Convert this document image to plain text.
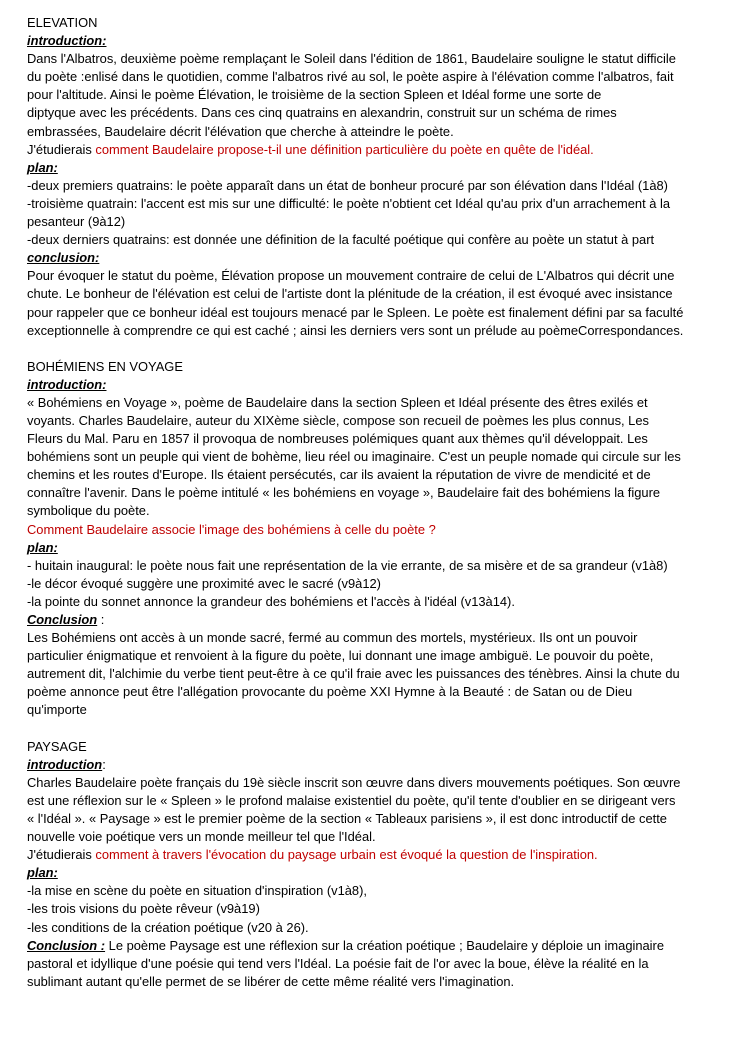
ELEVATION
introduction:
Dans l'Albatros, deuxième poème remplaçant le Soleil dans l'édition de 1861, Baudelaire souligne le statut difficile
du poète :enlisé dans le quotidien, comme l'albatros rivé au sol, le poète aspire à l'élévation comme l'albatros, fait
pour l'altitude. Ainsi le poème Élévation, le troisième de la section Spleen et Idéal forme une sorte de
diptyque avec les précédents. Dans ces cinq quatrains en alexandrin, construit sur un schéma de rimes
embrassées, Baudelaire décrit l'élévation que cherche à atteindre le poète.
J'étudierais comment Baudelaire propose-t-il une définition particulière du poète en quête de l'idéal.
plan:
-deux premiers quatrains: le poète apparaît dans un état de bonheur procuré par son élévation dans l'Idéal (1à8)
-troisième quatrain: l'accent est mis sur une difficulté: le poète n'obtient cet Idéal qu'au prix d'un arrachement à la
pesanteur (9à12)
-deux derniers quatrains: est donnée une définition de la faculté poétique qui confère au poète un statut à part
conclusion:
Pour évoquer le statut du poème, Élévation propose un mouvement contraire de celui de L'Albatros qui décrit une
chute. Le bonheur de l'élévation est celui de l'artiste dont la plénitude de la création, il est évoqué avec insistance
pour rappeler que ce bonheur idéal est toujours menacé par le Spleen. Le poète est finalement défini par sa faculté
exceptionnelle à comprendre ce qui est caché ; ainsi les derniers vers sont un prélude au poèmeCorrespondances.
BOHÉMIENS EN VOYAGE
introduction:
« Bohémiens en Voyage », poème de Baudelaire dans la section Spleen et Idéal présente des êtres exilés et
voyants. Charles Baudelaire, auteur du XIXème siècle, compose son recueil de poèmes les plus connus, Les
Fleurs du Mal. Paru en 1857 il provoqua de nombreuses polémiques quant aux thèmes qu'il développait. Les
bohémiens sont un peuple qui vient de bohème, lieu réel ou imaginaire. C'est un peuple nomade qui circule sur les
chemins et les routes d'Europe. Ils étaient persécutés, car ils avaient la réputation de vivre de mendicité et de
connaître l'avenir. Dans le poème intitulé « les bohémiens en voyage », Baudelaire fait des bohémiens la figure
symbolique du poète.
Comment Baudelaire associe l'image des bohémiens à celle du poète ?
plan:
- huitain inaugural: le poète nous fait une représentation de la vie errante, de sa misère et de sa grandeur (v1à8)
-le décor évoqué suggère une proximité avec le sacré (v9à12)
-la pointe du sonnet annonce la grandeur des bohémiens et l'accès à l'idéal (v13à14).
Conclusion :
Les Bohémiens ont accès à un monde sacré, fermé au commun des mortels, mystérieux. Ils ont un pouvoir
particulier énigmatique et renvoient à la figure du poète, lui donnant une image ambiguë. Le pouvoir du poète,
autrement dit, l'alchimie du verbe tient peut-être à ce qu'il fraie avec les puissances des ténèbres. Ainsi la chute du
poème annonce peut être l'allégation provocante du poème XXI Hymne à la Beauté : de Satan ou de Dieu
qu'importe
PAYSAGE
introduction:
Charles Baudelaire poète français du 19è siècle inscrit son œuvre dans divers mouvements poétiques. Son œuvre
est une réflexion sur le « Spleen » le profond malaise existentiel du poète, qu'il tente d'oublier en se dirigeant vers
« l'Idéal ». « Paysage » est le premier poème de la section « Tableaux parisiens », il est donc introductif de cette
nouvelle voie poétique vers un monde meilleur tel que l'Idéal.
J'étudierais comment à travers l'évocation du paysage urbain est évoqué la question de l'inspiration.
plan:
-la mise en scène du poète en situation d'inspiration (v1à8),
-les trois visions du poète rêveur (v9à19)
-les conditions de la création poétique (v20 à 26).
Conclusion : Le poème Paysage est une réflexion sur la création poétique ; Baudelaire y déploie un imaginaire
pastoral et idyllique d'une poésie qui tend vers l'Idéal. La poésie fait de l'or avec la boue, élève la réalité en la
sublimant autant qu'elle permet de se libérer de cette même réalité vers l'imagination.
